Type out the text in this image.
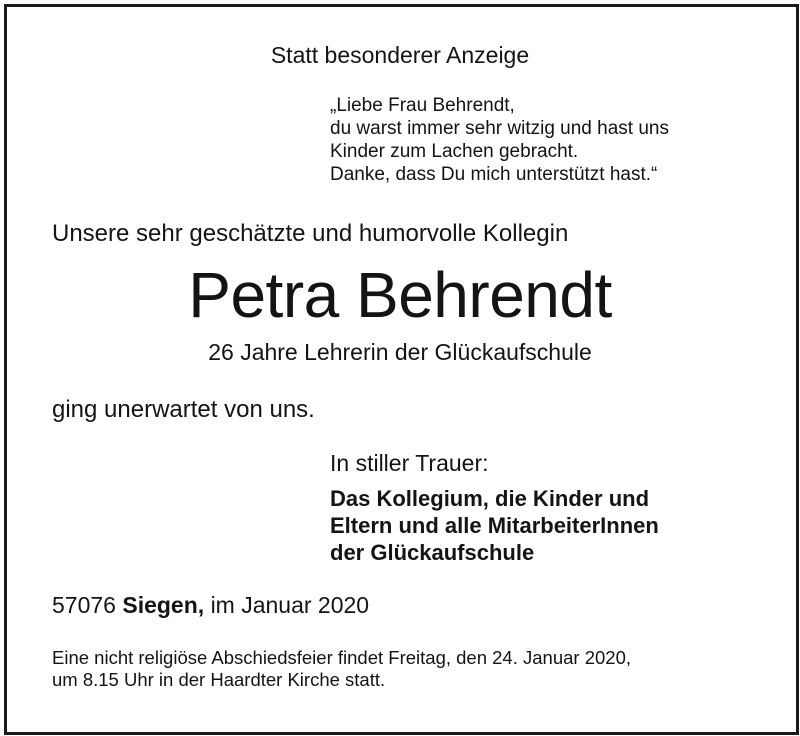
Statt besonderer Anzeige
„Liebe Frau Behrendt,
du warst immer sehr witzig und hast uns
Kinder zum Lachen gebracht.
Danke, dass Du mich unterstützt hast.“
Unsere sehr geschätzte und humorvolle Kollegin
Petra Behrendt
26 Jahre Lehrerin der Glückaufschule
ging unerwartet von uns.
In stiller Trauer:
Das Kollegium, die Kinder und
Eltern und alle MitarbeiterInnen
der Glückaufschule
57076 Siegen, im Januar 2020
Eine nicht religiöse Abschiedsfeier findet Freitag, den 24. Januar 2020,
um 8.15 Uhr in der Haardter Kirche statt.
